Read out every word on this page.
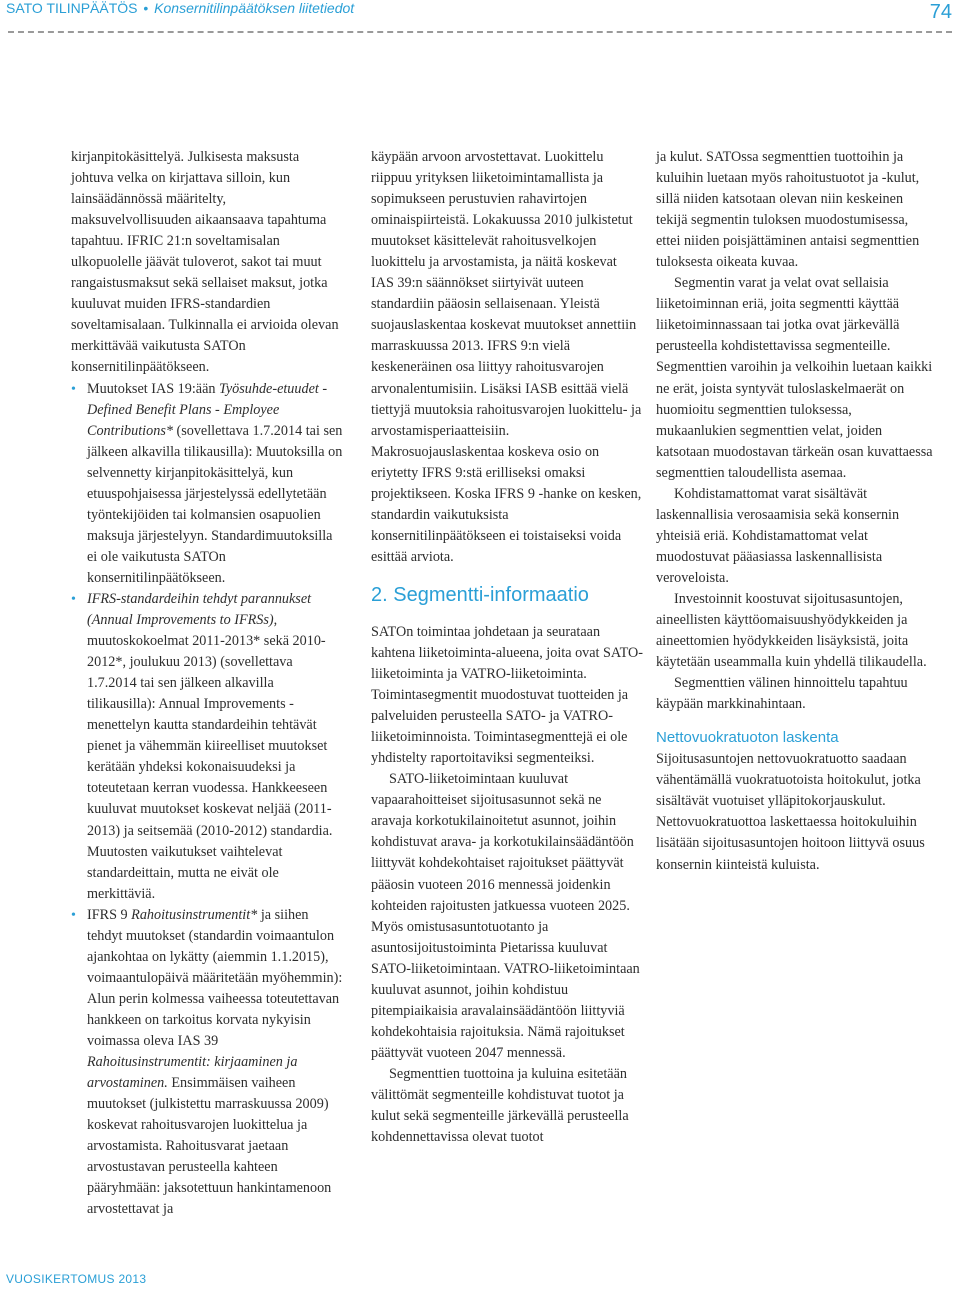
SATO TILINPÄÄTÖS • Konsernitilinpäätöksen liitetiedot	74

kirjanpitokäsittelyä. Julkisesta maksusta johtuva velka on kirjattava silloin, kun lainsäädännössä määritelty, maksuvelvollisuuden aikaansaava tapahtuma tapahtuu. IFRIC 21:n soveltamisalan ulkopuolelle jäävät tuloverot, sakot tai muut rangaistusmaksut sekä sellaiset maksut, jotka kuuluvat muiden IFRS-standardien soveltamisalaan. Tulkinnalla ei arvioida olevan merkittävää vaikutusta SATOn konsernitilinpäätökseen.

• Muutokset IAS 19:ään Työsuhde-etuudet - Defined Benefit Plans - Employee Contributions* (sovellettava 1.7.2014 tai sen jälkeen alkavilla tilikausilla): Muutoksilla on selvennetty kirjanpitokäsittelyä, kun etuuspohjaisessa järjestelyssä edellytetään työntekijöiden tai kolmansien osapuolien maksuja järjestelyyn. Standardimuutoksilla ei ole vaikutusta SATOn konsernitilinpäätökseen.
• IFRS-standardeihin tehdyt parannukset (Annual Improvements to IFRSs), muutoskokoelmat 2011-2013* sekä 2010-2012*, joulukuu 2013) (sovellettava 1.7.2014 tai sen jälkeen alkavilla tilikausilla): Annual Improvements -menettelyn kautta standardeihin tehtävät pienet ja vähemmän kiireelliset muutokset kerätään yhdeksi kokonaisuudeksi ja toteutetaan kerran vuodessa. Hankkeeseen kuuluvat muutokset koskevat neljää (2011-2013) ja seitsemää (2010-2012) standardia. Muutosten vaikutukset vaihtelevat standardeittain, mutta ne eivät ole merkittäviä.
• IFRS 9 Rahoitusinstrumentit* ja siihen tehdyt muutokset (standardin voimaantulon ajankohtaa on lykätty (aiemmin 1.1.2015), voimaantulopäivä määritetään myöhemmin): Alun perin kolmessa vaiheessa toteutettavan hankkeen on tarkoitus korvata nykyisin voimassa oleva IAS 39 Rahoitusinstrumentit: kirjaaminen ja arvostaminen. Ensimmäisen vaiheen muutokset (julkistettu marraskuussa 2009) koskevat rahoitusvarojen luokittelua ja arvostamista. Rahoitusvarat jaetaan arvostustavan perusteella kahteen pääryhmään: jaksotettuun hankintamenoon arvostettavat ja

käypään arvoon arvostettavat. Luokittelu riippuu yrityksen liiketoimintamallista ja sopimukseen perustuvien rahavirtojen ominaispiirteistä. Lokakuussa 2010 julkistetut muutokset käsittelevät rahoitusvelkojen luokittelu ja arvostamista, ja näitä koskevat IAS 39:n säännökset siirtyivät uuteen standardiin pääosin sellaisenaan. Yleistä suojauslaskentaa koskevat muutokset annettiin marraskuussa 2013. IFRS 9:n vielä keskeneräinen osa liittyy rahoitusvarojen arvonalentumisiin. Lisäksi IASB esittää vielä tiettyjä muutoksia rahoitusvarojen luokittelu- ja arvostamisperiaatteisiin. Makrosuojauslaskentaa koskeva osio on eriytetty IFRS 9:stä erilliseksi omaksi projektikseen. Koska IFRS 9 -hanke on kesken, standardin vaikutuksista konsernitilinpäätökseen ei toistaiseksi voida esittää arviota.

2. Segmentti-informaatio

SATOn toimintaa johdetaan ja seurataan kahtena liiketoiminta-alueena, joita ovat SATO-liiketoiminta ja VATRO-liiketoiminta. Toimintasegmentit muodostuvat tuotteiden ja palveluiden perusteella SATO- ja VATRO-liiketoiminnoista. Toimintasegmenttejä ei ole yhdistelty raportoitaviksi segmenteiksi.

SATO-liiketoimintaan kuuluvat vapaarahoitteiset sijoitusasunnot sekä ne aravaja korkotukilainoitetut asunnot, joihin kohdistuvat arava- ja korkotukilainsäädäntöön liittyvät kohdekohtaiset rajoitukset päättyvät pääosin vuoteen 2016 mennessä joidenkin kohteiden rajoitusten jatkuessa vuoteen 2025. Myös omistusasuntotuotanto ja asuntosijoitustoiminta Pietarissa kuuluvat SATO-liiketoimintaan. VATRO-liiketoimintaan kuuluvat asunnot, joihin kohdistuu pitempiaikaisia aravalainsäädäntöön liittyviä kohdekohtaisia rajoituksia. Nämä rajoitukset päättyvät vuoteen 2047 mennessä.

Segmenttien tuottoina ja kuluina esitetään välittömät segmenteille kohdistuvat tuotot ja kulut sekä segmenteille järkevällä perusteella kohdennettavissa olevat tuotot

ja kulut. SATOssa segmenttien tuottoihin ja kuluihin luetaan myös rahoitustuotot ja -kulut, sillä niiden katsotaan olevan niin keskeinen tekijä segmentin tuloksen muodostumisessa, ettei niiden poisjättäminen antaisi segmenttien tuloksesta oikeata kuvaa.

Segmentin varat ja velat ovat sellaisia liiketoiminnan eriä, joita segmentti käyttää liiketoiminnassaan tai jotka ovat järkevällä perusteella kohdistettavissa segmenteille. Segmenttien varoihin ja velkoihin luetaan kaikki ne erät, joista syntyvät tuloslaskelmaerät on huomioitu segmenttien tuloksessa, mukaanlukien segmenttien velat, joiden katsotaan muodostavan tärkeän osan kuvattaessa segmenttien taloudellista asemaa.

Kohdistamattomat varat sisältävät laskennallisia verosaamisia sekä konsernin yhteisiä eriä. Kohdistamattomat velat muodostuvat pääasiassa laskennallisista veroveloista.

Investoinnit koostuvat sijoitusasuntojen, aineellisten käyttöomaisuushyödykkeiden ja aineettomien hyödykkeiden lisäyksistä, joita käytetään useammalla kuin yhdellä tilikaudella.

Segmenttien välinen hinnoittelu tapahtuu käypään markkinahintaan.

Nettovuokratuoton laskenta

Sijoitusasuntojen nettovuokratuotto saadaan vähentämällä vuokratuotoista hoitokulut, jotka sisältävät vuotuiset ylläpitokorjauskulut. Nettovuokratuottoa laskettaessa hoitokuluihin lisätään sijoitusasuntojen hoitoon liittyvä osuus konsernin kiinteistä kuluista.

VUOSIKERTOMUS 2013
